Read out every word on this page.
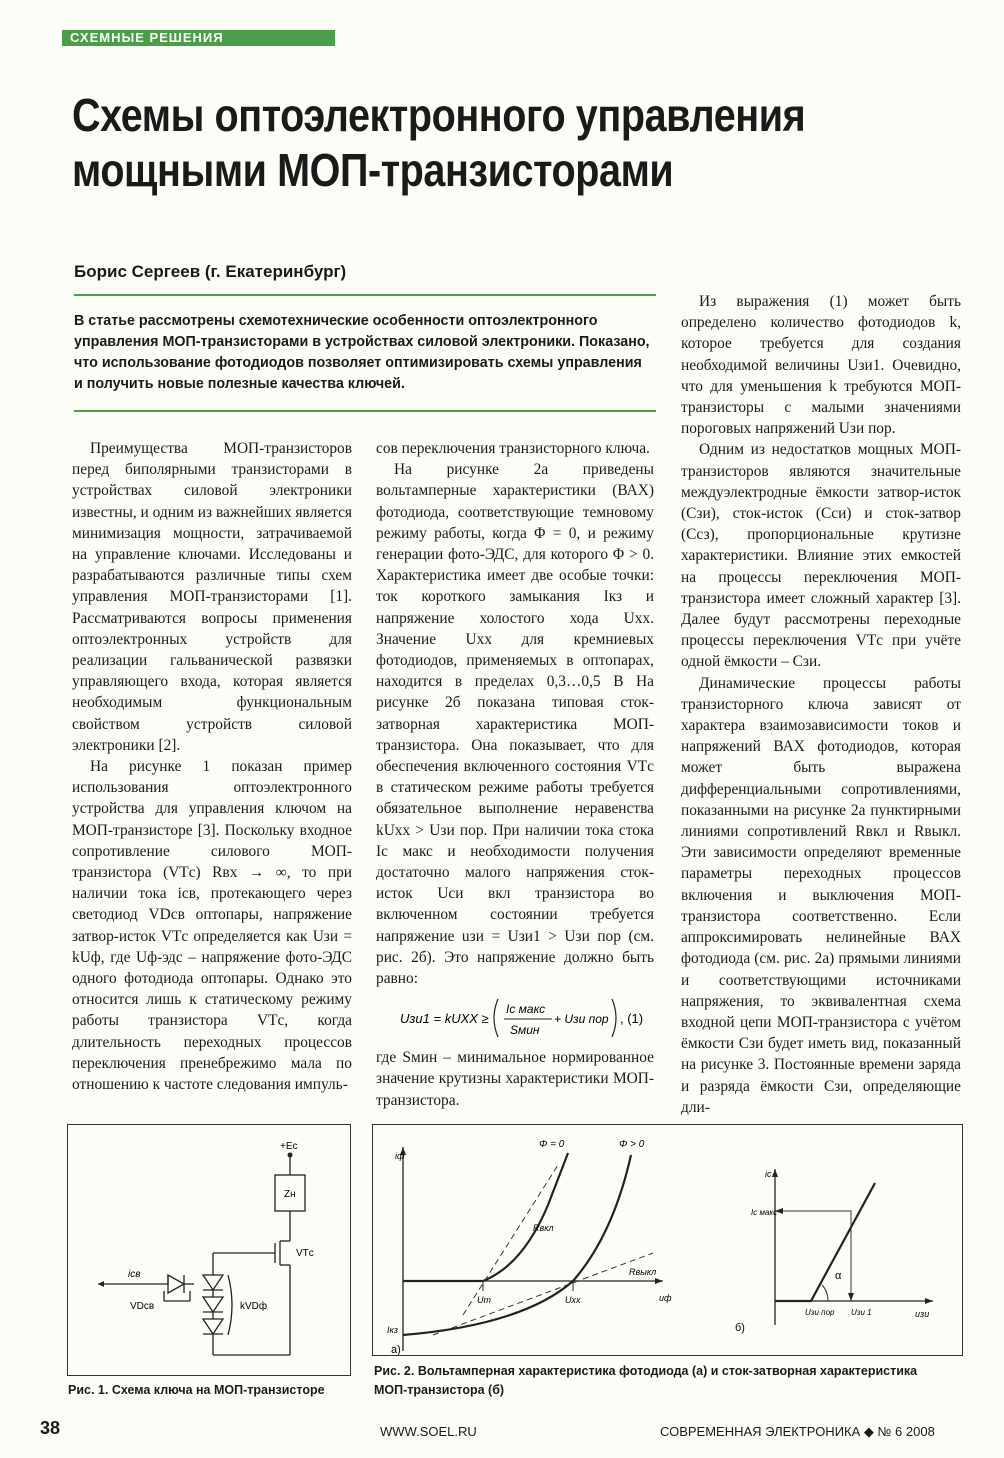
СХЕМНЫЕ РЕШЕНИЯ
Схемы оптоэлектронного управления
мощными МОП-транзисторами
Борис Сергеев (г. Екатеринбург)
В статье рассмотрены схемотехнические особенности оптоэлектронного управления МОП-транзисторами в устройствах силовой электроники. Показано, что использование фотодиодов позволяет оптимизировать схемы управления и получить новые полезные качества ключей.

Преимущества МОП-транзисторов перед биполярными транзисторами в устройствах силовой электроники известны, и одним из важнейших является минимизация мощности, затрачиваемой на управление ключами. Исследованы и разрабатываются различные типы схем управления МОП-транзисторами [1]. Рассматриваются вопросы применения оптоэлектронных устройств для реализации гальванической развязки управляющего входа, которая является необходимым функциональным свойством устройств силовой электроники [2].

На рисунке 1 показан пример использования оптоэлектронного устройства для управления ключом на МОП-транзисторе [3]. Поскольку входное сопротивление силового МОП-транзистора (VTс) Rвх → ∞, то при наличии тока iсв, протекающего через светодиод VDсв оптопары, напряжение затвор-исток VTс определяется как Uзи = kUф, где Uф-эдс – напряжение фото-ЭДС одного фотодиода оптопары. Однако это относится лишь к статическому режиму работы транзистора VTс, когда длительность переходных процессов переключения пренебрежимо мала по отношению к частоте следования импуль-

сов переключения транзисторного ключа.

На рисунке 2а приведены вольтамперные характеристики (ВАХ) фотодиода, соответствующие темновому режиму работы, когда Φ = 0, и режиму генерации фото-ЭДС, для которого Φ > 0. Характеристика имеет две особые точки: ток короткого замыкания Iкз и напряжение холостого хода Uхх. Значение Uхх для кремниевых фотодиодов, применяемых в оптопарах, находится в пределах 0,3…0,5 В На рисунке 2б показана типовая сток-затворная характеристика МОП-транзистора. Она показывает, что для обеспечения включенного состояния VTс в статическом режиме работы требуется обязательное выполнение неравенства kUхх > Uзи пор. При наличии тока стока Iс макс и необходимости получения достаточно малого напряжения сток-исток Uси вкл транзистора во включенном состоянии требуется напряжение uзи = Uзи1 > Uзи пор (см. рис. 2б). Это напряжение должно быть равно:

Uзи1 = kUXX ≥
Iс макс
Sмин
+ Uзи пор , (1)

где Sмин – минимальное нормированное значение крутизны характеристики МОП-транзистора.

Из выражения (1) может быть определено количество фотодиодов k, которое требуется для создания необходимой величины Uзи1. Очевидно, что для уменьшения k требуются МОП-транзисторы с малыми значениями пороговых напряжений Uзи пор.

Одним из недостатков мощных МОП-транзисторов являются значительные междуэлектродные ёмкости затвор-исток (Cзи), сток-исток (Cси) и сток-затвор (Cсз), пропорциональные крутизне характеристики. Влияние этих емкостей на процессы переключения МОП-транзистора имеет сложный характер [3]. Далее будут рассмотрены переходные процессы переключения VTс при учёте одной ёмкости – Cзи.

Динамические процессы работы транзисторного ключа зависят от характера взаимозависимости токов и напряжений ВАХ фотодиодов, которая может быть выражена дифференциальными сопротивлениями, показанными на рисунке 2а пунктирными линиями сопротивлений Rвкл и Rвыкл. Эти зависимости определяют временные параметры переходных процессов включения и выключения МОП-транзистора соответственно. Если аппроксимировать нелинейные ВАХ фотодиода (см. рис. 2а) прямыми линиями и соответствующими источниками напряжения, то эквивалентная схема входной цепи МОП-транзистора с учётом ёмкости Cзи будет иметь вид, показанный на рисунке 3. Постоянные времени заряда и разряда ёмкости Cзи, определяющие дли-

+Eс
Zн
VTс
iсв
VDсв	kVDф
Рис. 1. Схема ключа на МОП-транзисторе
iф
uф
Φ = 0	Φ > 0
Rвкл
Rвыкл
Uт	Uхх
Iкз
а)
iс
uзи
Iс макс
α
Uзи пор Uзи 1
б)
Рис. 2. Вольтамперная характеристика фотодиода (а) и сток-затворная характеристика
МОП-транзистора (б)
38	WWW.SOEL.RU	СОВРЕМЕННАЯ ЭЛЕКТРОНИКА ◆ № 6 2008
